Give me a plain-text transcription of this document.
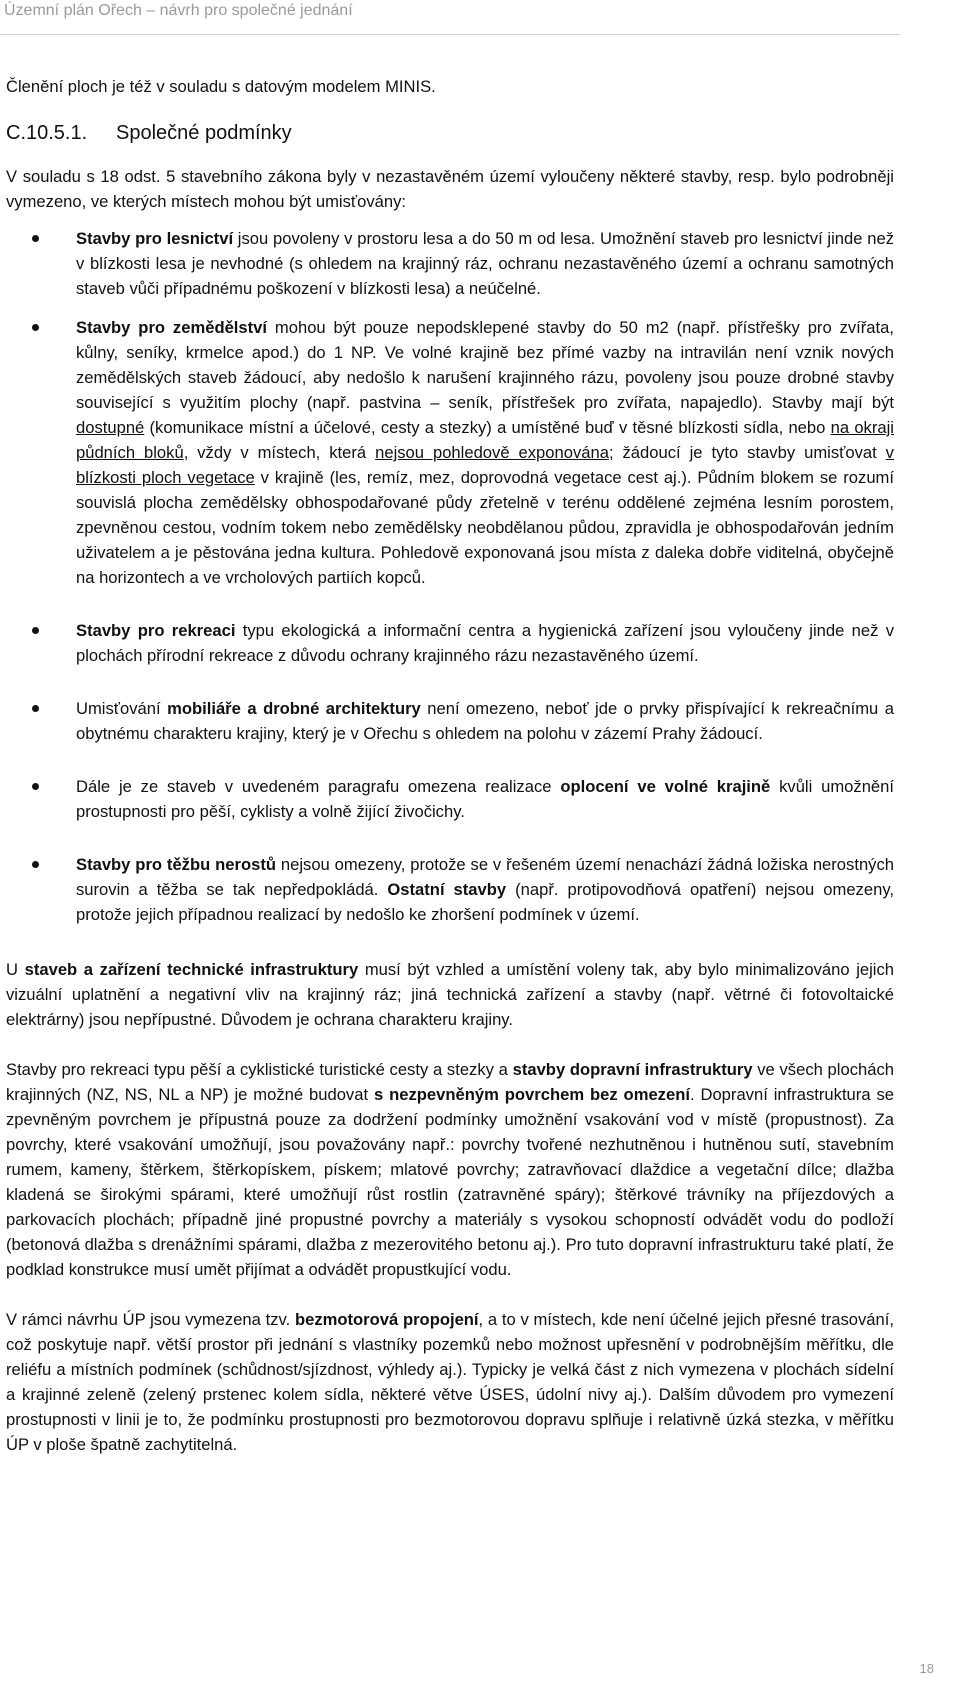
Územní plán Ořech – návrh pro společné jednání

Členění ploch je též v souladu s datovým modelem MINIS.

C.10.5.1. Společné podmínky

V souladu s 18 odst. 5 stavebního zákona byly v nezastavěném území vyloučeny některé stavby, resp. bylo podrobněji vymezeno, ve kterých místech mohou být umisťovány:

Stavby pro lesnictví jsou povoleny v prostoru lesa a do 50 m od lesa. Umožnění staveb pro lesnictví jinde než v blízkosti lesa je nevhodné (s ohledem na krajinný ráz, ochranu nezastavěného území a ochranu samotných staveb vůči případnému poškození v blízkosti lesa) a neúčelné.
Stavby pro zemědělství mohou být pouze nepodsklepené stavby do 50 m2 (např. přístřešky pro zvířata, kůlny, seníky, krmelce apod.) do 1 NP. Ve volné krajině bez přímé vazby na intravilán není vznik nových zemědělských staveb žádoucí, aby nedošlo k narušení krajinného rázu, povoleny jsou pouze drobné stavby související s využitím plochy (např. pastvina – seník, přístřešek pro zvířata, napajedlo). Stavby mají být dostupné (komunikace místní a účelové, cesty a stezky) a umístěné buď v těsné blízkosti sídla, nebo na okraji půdních bloků, vždy v místech, která nejsou pohledově exponována; žádoucí je tyto stavby umisťovat v blízkosti ploch vegetace v krajině (les, remíz, mez, doprovodná vegetace cest aj.). Půdním blokem se rozumí souvislá plocha zemědělsky obhospodařované půdy zřetelně v terénu oddělené zejména lesním porostem, zpevněnou cestou, vodním tokem nebo zemědělsky neobdělanou půdou, zpravidla je obhospodařován jedním uživatelem a je pěstována jedna kultura. Pohledově exponovaná jsou místa z daleka dobře viditelná, obyčejně na horizontech a ve vrcholových partiích kopců.
Stavby pro rekreaci typu ekologická a informační centra a hygienická zařízení jsou vyloučeny jinde než v plochách přírodní rekreace z důvodu ochrany krajinného rázu nezastavěného území.
Umisťování mobiliáře a drobné architektury není omezeno, neboť jde o prvky přispívající k rekreačnímu a obytnému charakteru krajiny, který je v Ořechu s ohledem na polohu v zázemí Prahy žádoucí.
Dále je ze staveb v uvedeném paragrafu omezena realizace oplocení ve volné krajině kvůli umožnění prostupnosti pro pěší, cyklisty a volně žijící živočichy.
Stavby pro těžbu nerostů nejsou omezeny, protože se v řešeném území nenachází žádná ložiska nerostných surovin a těžba se tak nepředpokládá. Ostatní stavby (např. protipovodňová opatření) nejsou omezeny, protože jejich případnou realizací by nedošlo ke zhoršení podmínek v území.

U staveb a zařízení technické infrastruktury musí být vzhled a umístění voleny tak, aby bylo minimalizováno jejich vizuální uplatnění a negativní vliv na krajinný ráz; jiná technická zařízení a stavby (např. větrné či fotovoltaické elektrárny) jsou nepřípustné. Důvodem je ochrana charakteru krajiny.

Stavby pro rekreaci typu pěší a cyklistické turistické cesty a stezky a stavby dopravní infrastruktury ve všech plochách krajinných (NZ, NS, NL a NP) je možné budovat s nezpevněným povrchem bez omezení. Dopravní infrastruktura se zpevněným povrchem je přípustná pouze za dodržení podmínky umožnění vsakování vod v místě (propustnost). Za povrchy, které vsakování umožňují, jsou považovány např.: povrchy tvořené nezhutněnou i hutněnou sutí, stavebním rumem, kameny, štěrkem, štěrkopískem, pískem; mlatové povrchy; zatravňovací dlaždice a vegetační dílce; dlažba kladená se širokými spárami, které umožňují růst rostlin (zatravněné spáry); štěrkové trávníky na příjezdových a parkovacích plochách; případně jiné propustné povrchy a materiály s vysokou schopností odvádět vodu do podloží (betonová dlažba s drenážními spárami, dlažba z mezerovitého betonu aj.). Pro tuto dopravní infrastrukturu také platí, že podklad konstrukce musí umět přijímat a odvádět propustkující vodu.

V rámci návrhu ÚP jsou vymezena tzv. bezmotorová propojení, a to v místech, kde není účelné jejich přesné trasování, což poskytuje např. větší prostor při jednání s vlastníky pozemků nebo možnost upřesnění v podrobnějším měřítku, dle reliéfu a místních podmínek (schůdnost/sjízdnost, výhledy aj.). Typicky je velká část z nich vymezena v plochách sídelní a krajinné zeleně (zelený prstenec kolem sídla, některé větve ÚSES, údolní nivy aj.). Dalším důvodem pro vymezení prostupnosti v linii je to, že podmínku prostupnosti pro bezmotorovou dopravu splňuje i relativně úzká stezka, v měřítku ÚP v ploše špatně zachytitelná.

18
